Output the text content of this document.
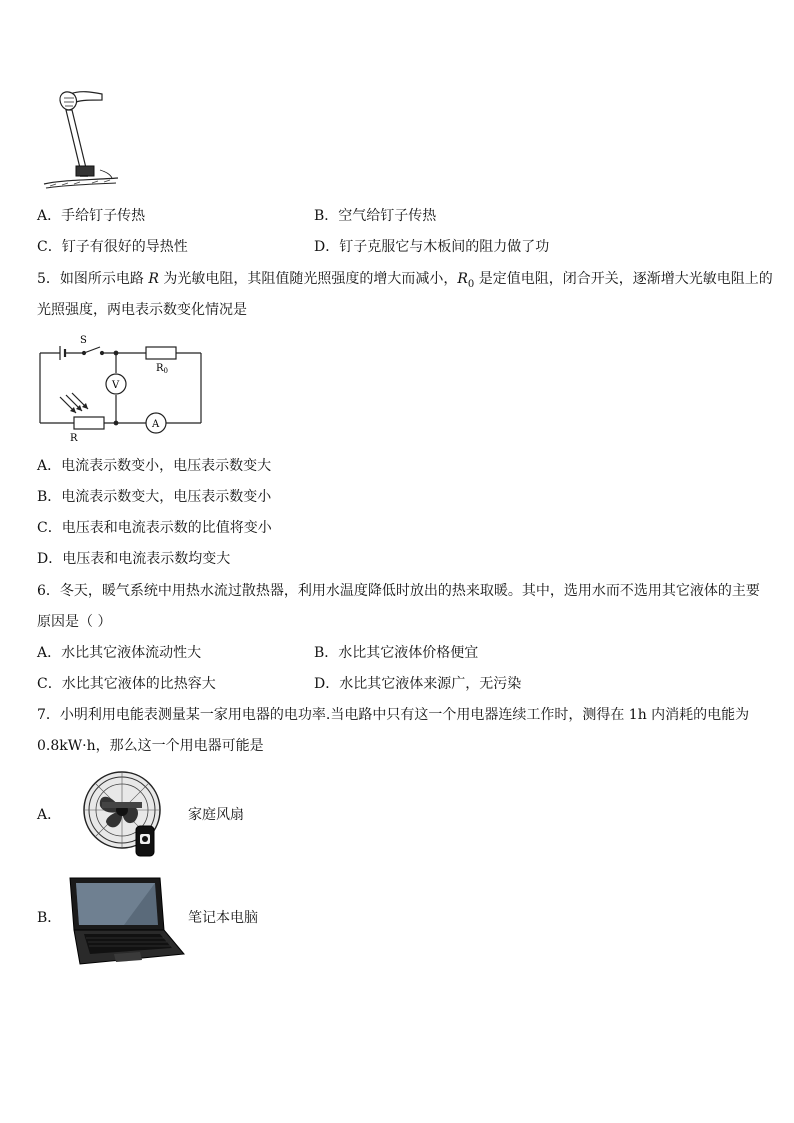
A．手给钉子传热	B．空气给钉子传热
C．钉子有很好的导热性	D．钉子克服它与木板间的阻力做了功
5．如图所示电路 R 为光敏电阻，其阻值随光照强度的增大而减小，$R_0$ 是定值电阻，闭合开关，逐渐增大光敏电阻上的
光照强度，两电表示数变化情况是
S
$R_0$
V
A
R
A．电流表示数变小，电压表示数变大
B．电流表示数变大，电压表示数变小
C．电压表和电流表示数的比值将变小
D．电压表和电流表示数均变大
6．冬天，暖气系统中用热水流过散热器，利用水温度降低时放出的热来取暖。其中，选用水而不选用其它液体的主要
原因是（ ）
A．水比其它液体流动性大	B．水比其它液体价格便宜
C．水比其它液体的比热容大	D．水比其它液体来源广，无污染
7．小明利用电能表测量某一家用电器的电功率.当电路中只有这一个用电器连续工作时，测得在 1h 内消耗的电能为
0.8kW·h，那么这一个用电器可能是
A．	家庭风扇
B．	笔记本电脑
